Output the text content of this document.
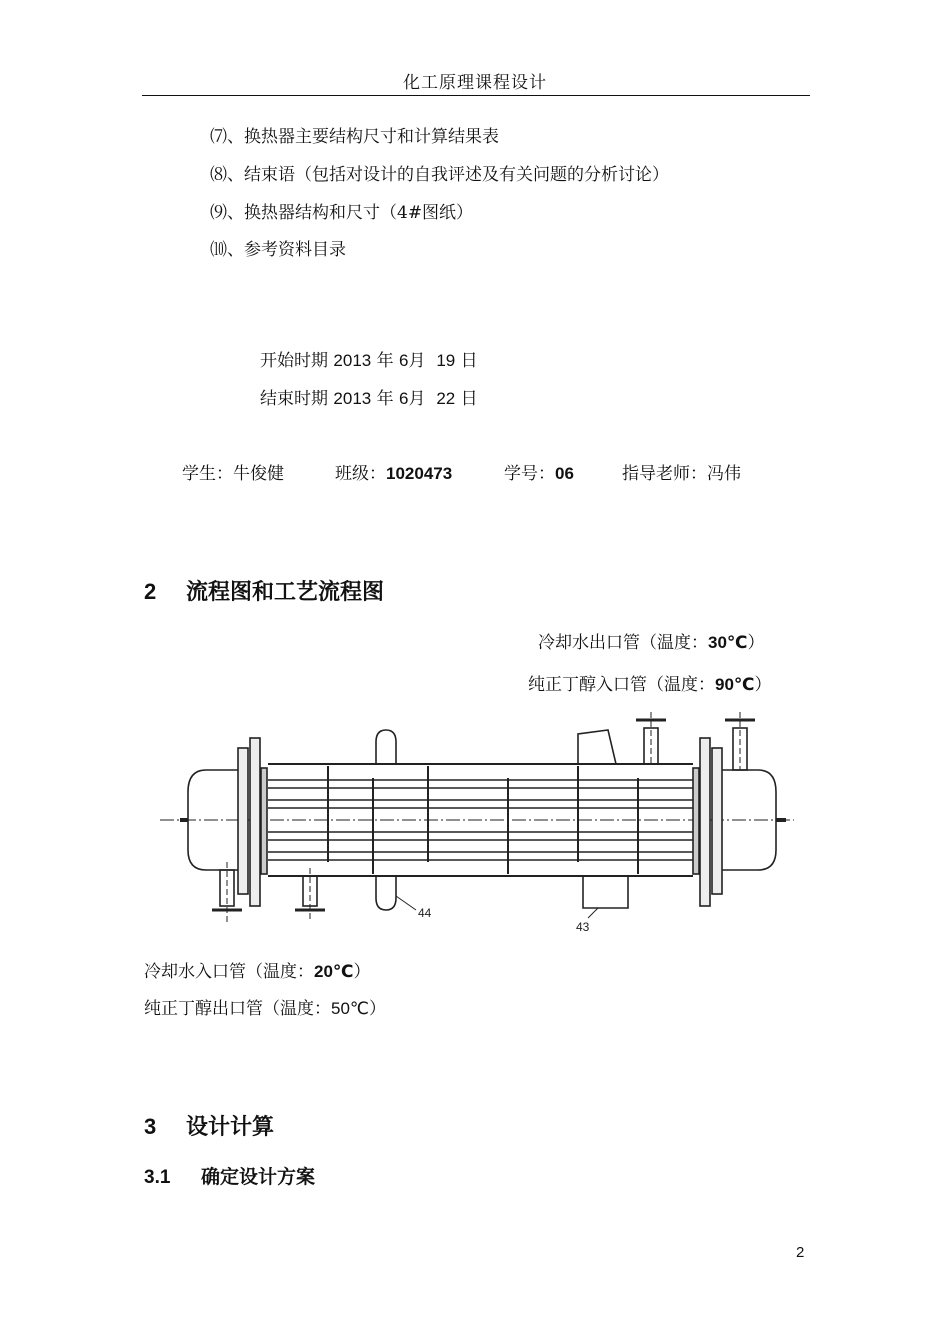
化工原理课程设计
⑺、换热器主要结构尺寸和计算结果表
⑻、结束语（包括对设计的自我评述及有关问题的分析讨论）
⑼、换热器结构和尺寸（4#图纸）
⑽、参考资料目录
开始时期 2013 年 6月 19 日
结束时期 2013 年 6月 22 日
学生：牛俊健	班级：1020473	学号：06	指导老师：冯伟
2 流程图和工艺流程图
冷却水出口管（温度：30℃）
纯正丁醇入口管（温度：90℃）
44
43
冷却水入口管（温度：20℃）
纯正丁醇出口管（温度：50℃）
3 设计计算
3.1 确定设计方案
2
